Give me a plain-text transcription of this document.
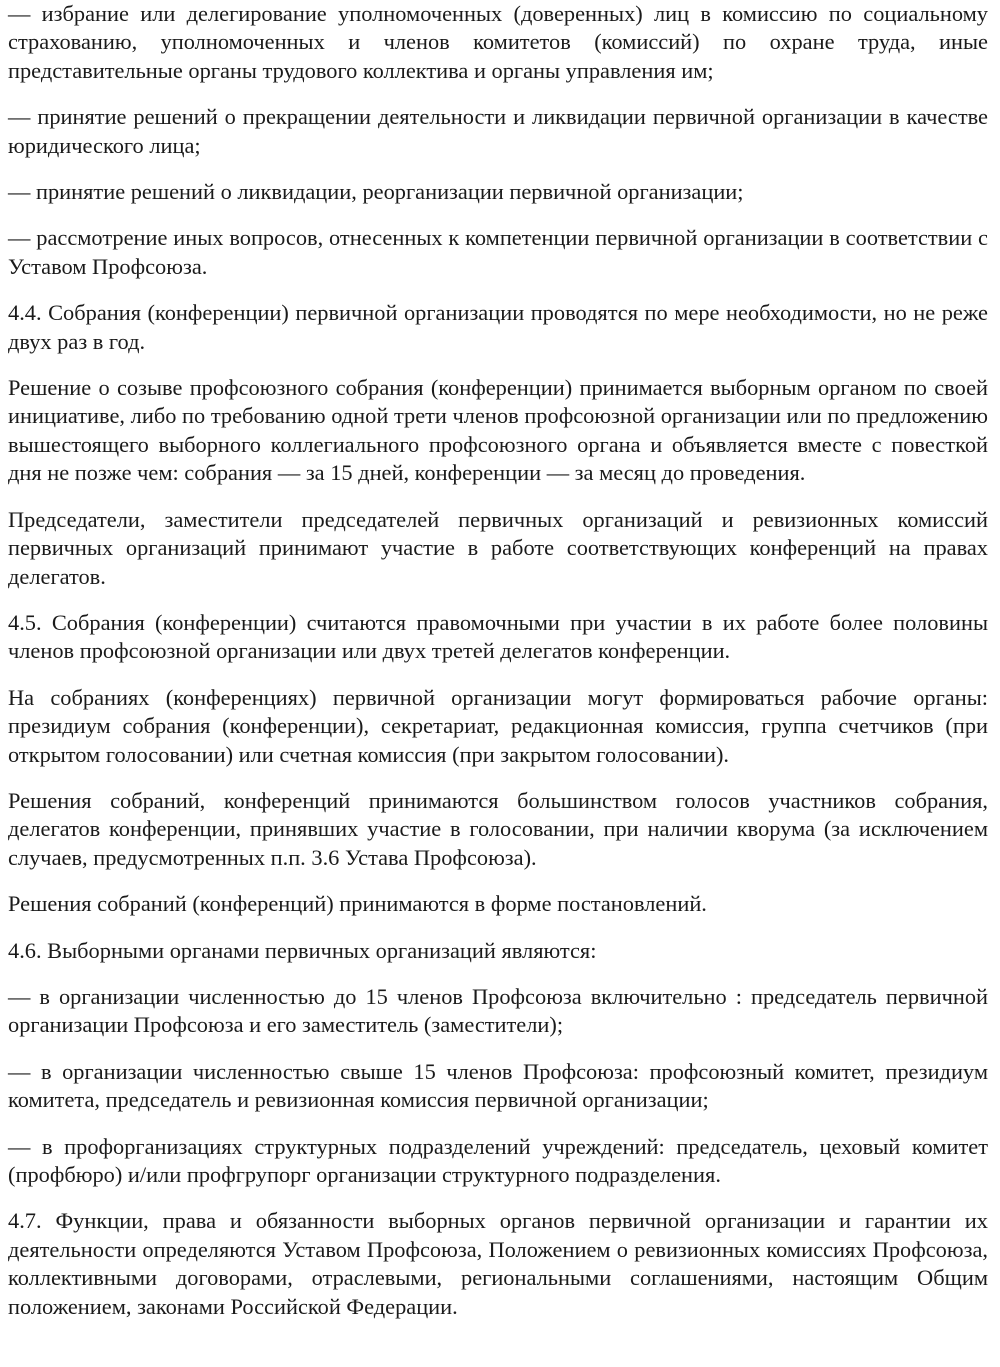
— избрание или делегирование уполномоченных (доверенных) лиц в комиссию по социальному страхованию, уполномоченных и членов комитетов (комиссий) по охране труда, иные представительные органы трудового коллектива и органы управления им;

— принятие решений о прекращении деятельности и ликвидации первичной организации в качестве юридического лица;

— принятие решений о ликвидации, реорганизации первичной организации;

— рассмотрение иных вопросов, отнесенных к компетенции первичной организации в соответствии с Уставом Профсоюза.

4.4. Собрания (конференции) первичной организации проводятся по мере необходимости, но не реже двух раз в год.

Решение о созыве профсоюзного собрания (конференции) принимается выборным органом по своей инициативе, либо по требованию одной трети членов профсоюзной организации или по предложению вышестоящего выборного коллегиального профсоюзного органа и объявляется вместе с повесткой дня не позже чем: собрания — за 15 дней, конференции — за месяц до проведения.

Председатели, заместители председателей первичных организаций и ревизионных комиссий первичных организаций принимают участие в работе соответствующих конференций на правах делегатов.

4.5. Собрания (конференции) считаются правомочными при участии в их работе более половины членов профсоюзной организации или двух третей делегатов конференции.

На собраниях (конференциях) первичной организации могут формироваться рабочие органы: президиум собрания (конференции), секретариат, редакционная комиссия, группа счетчиков (при открытом голосовании) или счетная комиссия (при закрытом голосовании).

Решения собраний, конференций принимаются большинством голосов участников собрания, делегатов конференции, принявших участие в голосовании, при наличии кворума (за исключением случаев, предусмотренных п.п. 3.6 Устава Профсоюза).

Решения собраний (конференций) принимаются в форме постановлений.

4.6. Выборными органами первичных организаций являются:

— в организации численностью до 15 членов Профсоюза включительно : председатель первичной организации Профсоюза и его заместитель (заместители);

— в организации численностью свыше 15 членов Профсоюза: профсоюзный комитет, президиум комитета, председатель и ревизионная комиссия первичной организации;

— в профорганизациях структурных подразделений учреждений: председатель, цеховый комитет (профбюро) и/или профгрупорг организации структурного подразделения.

4.7. Функции, права и обязанности выборных органов первичной организации и гарантии их деятельности определяются Уставом Профсоюза, Положением о ревизионных комиссиях Профсоюза, коллективными договорами, отраслевыми, региональными соглашениями, настоящим Общим положением, законами Российской Федерации.
